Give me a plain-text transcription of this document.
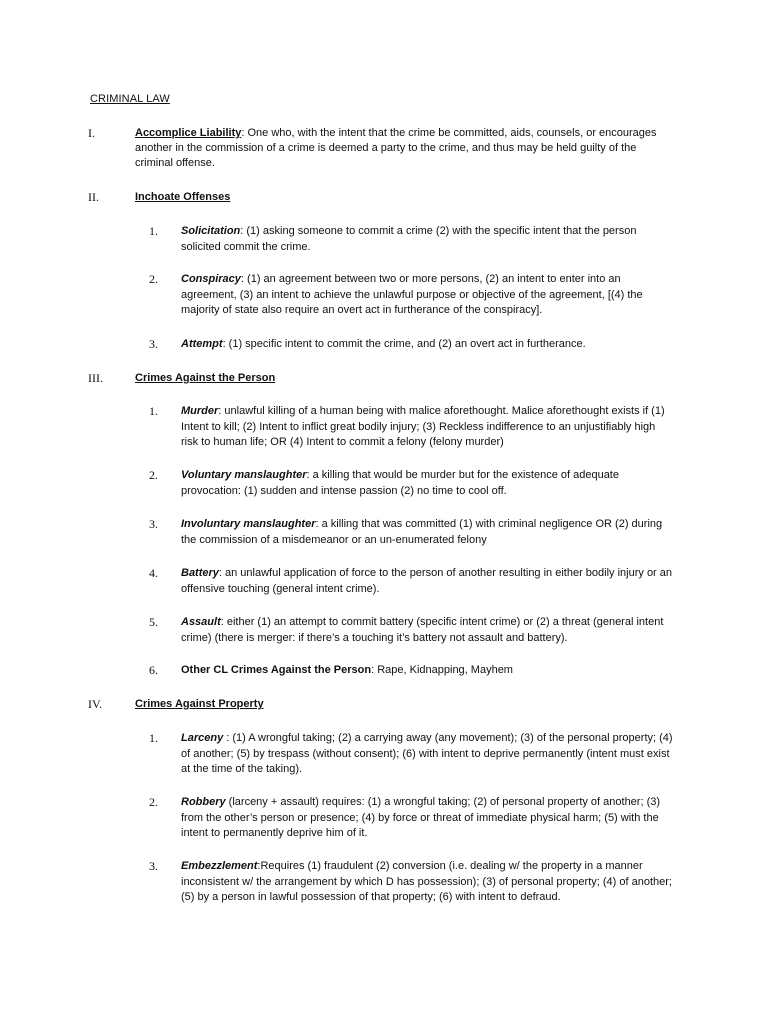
CRIMINAL LAW
I.	Accomplice Liability: One who, with the intent that the crime be committed, aids, counsels, or encourages another in the commission of a crime is deemed a party to the crime, and thus may be held guilty of the criminal offense.
II.	Inchoate Offenses
1. Solicitation: (1) asking someone to commit a crime (2) with the specific intent that the person solicited commit the crime.
2. Conspiracy: (1) an agreement between two or more persons, (2) an intent to enter into an agreement, (3) an intent to achieve the unlawful purpose or objective of the agreement, [(4) the majority of state also require an overt act in furtherance of the conspiracy].
3. Attempt: (1) specific intent to commit the crime, and (2) an overt act in furtherance.
III.	Crimes Against the Person
1. Murder: unlawful killing of a human being with malice aforethought. Malice aforethought exists if (1) Intent to kill; (2) Intent to inflict great bodily injury; (3) Reckless indifference to an unjustifiably high risk to human life; OR (4) Intent to commit a felony (felony murder)
2. Voluntary manslaughter: a killing that would be murder but for the existence of adequate provocation: (1) sudden and intense passion (2) no time to cool off.
3. Involuntary manslaughter: a killing that was committed (1) with criminal negligence OR (2) during the commission of a misdemeanor or an un-enumerated felony
4. Battery: an unlawful application of force to the person of another resulting in either bodily injury or an offensive touching (general intent crime).
5. Assault: either (1) an attempt to commit battery (specific intent crime) or (2) a threat (general intent crime) (there is merger: if there’s a touching it’s battery not assault and battery).
6. Other CL Crimes Against the Person: Rape, Kidnapping, Mayhem
IV.	Crimes Against Property
1. Larceny : (1) A wrongful taking; (2) a carrying away (any movement); (3) of the personal property; (4) of another; (5) by trespass (without consent); (6) with intent to deprive permanently (intent must exist at the time of the taking).
2. Robbery (larceny + assault) requires: (1) a wrongful taking; (2) of personal property of another; (3) from the other’s person or presence; (4) by force or threat of immediate physical harm; (5) with the intent to permanently deprive him of it.
3. Embezzlement:Requires (1) fraudulent (2) conversion (i.e. dealing w/ the property in a manner inconsistent w/ the arrangement by which D has possession); (3) of personal property; (4) of another; (5) by a person in lawful possession of that property; (6) with intent to defraud.
